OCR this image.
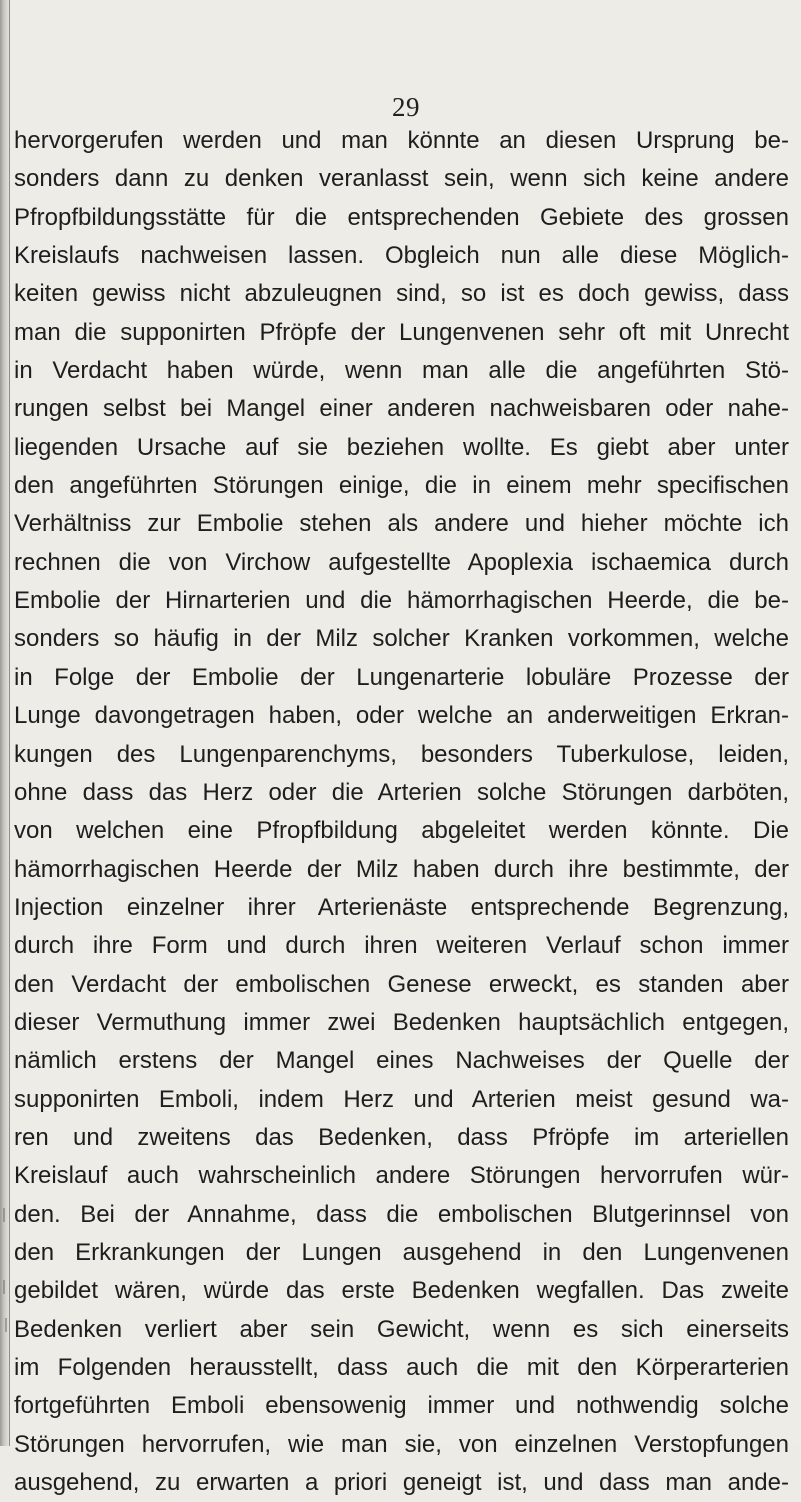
29
hervorgerufen werden und man könnte an diesen Ursprung be-
sonders dann zu denken veranlasst sein, wenn sich keine andere
Pfropfbildungsstätte für die entsprechenden Gebiete des grossen
Kreislaufs nachweisen lassen. Obgleich nun alle diese Möglich-
keiten gewiss nicht abzuleugnen sind, so ist es doch gewiss, dass
man die supponirten Pfröpfe der Lungenvenen sehr oft mit Unrecht
in Verdacht haben würde, wenn man alle die angeführten Stö-
rungen selbst bei Mangel einer anderen nachweisbaren oder nahe-
liegenden Ursache auf sie beziehen wollte. Es giebt aber unter
den angeführten Störungen einige, die in einem mehr specifischen
Verhältniss zur Embolie stehen als andere und hieher möchte ich
rechnen die von Virchow aufgestellte Apoplexia ischaemica durch
Embolie der Hirnarterien und die hämorrhagischen Heerde, die be-
sonders so häufig in der Milz solcher Kranken vorkommen, welche
in Folge der Embolie der Lungenarterie lobuläre Prozesse der
Lunge davongetragen haben, oder welche an anderweitigen Erkran-
kungen des Lungenparenchyms, besonders Tuberkulose, leiden,
ohne dass das Herz oder die Arterien solche Störungen darböten,
von welchen eine Pfropfbildung abgeleitet werden könnte. Die
hämorrhagischen Heerde der Milz haben durch ihre bestimmte, der
Injection einzelner ihrer Arterienäste entsprechende Begrenzung,
durch ihre Form und durch ihren weiteren Verlauf schon immer
den Verdacht der embolischen Genese erweckt, es standen aber
dieser Vermuthung immer zwei Bedenken hauptsächlich entgegen,
nämlich erstens der Mangel eines Nachweises der Quelle der
supponirten Emboli, indem Herz und Arterien meist gesund wa-
ren und zweitens das Bedenken, dass Pfröpfe im arteriellen
Kreislauf auch wahrscheinlich andere Störungen hervorrufen wür-
den. Bei der Annahme, dass die embolischen Blutgerinnsel von
den Erkrankungen der Lungen ausgehend in den Lungenvenen
gebildet wären, würde das erste Bedenken wegfallen. Das zweite
Bedenken verliert aber sein Gewicht, wenn es sich einerseits
im Folgenden herausstellt, dass auch die mit den Körperarterien
fortgeführten Emboli ebensowenig immer und nothwendig solche
Störungen hervorrufen, wie man sie, von einzelnen Verstopfungen
ausgehend, zu erwarten a priori geneigt ist, und dass man ande-
